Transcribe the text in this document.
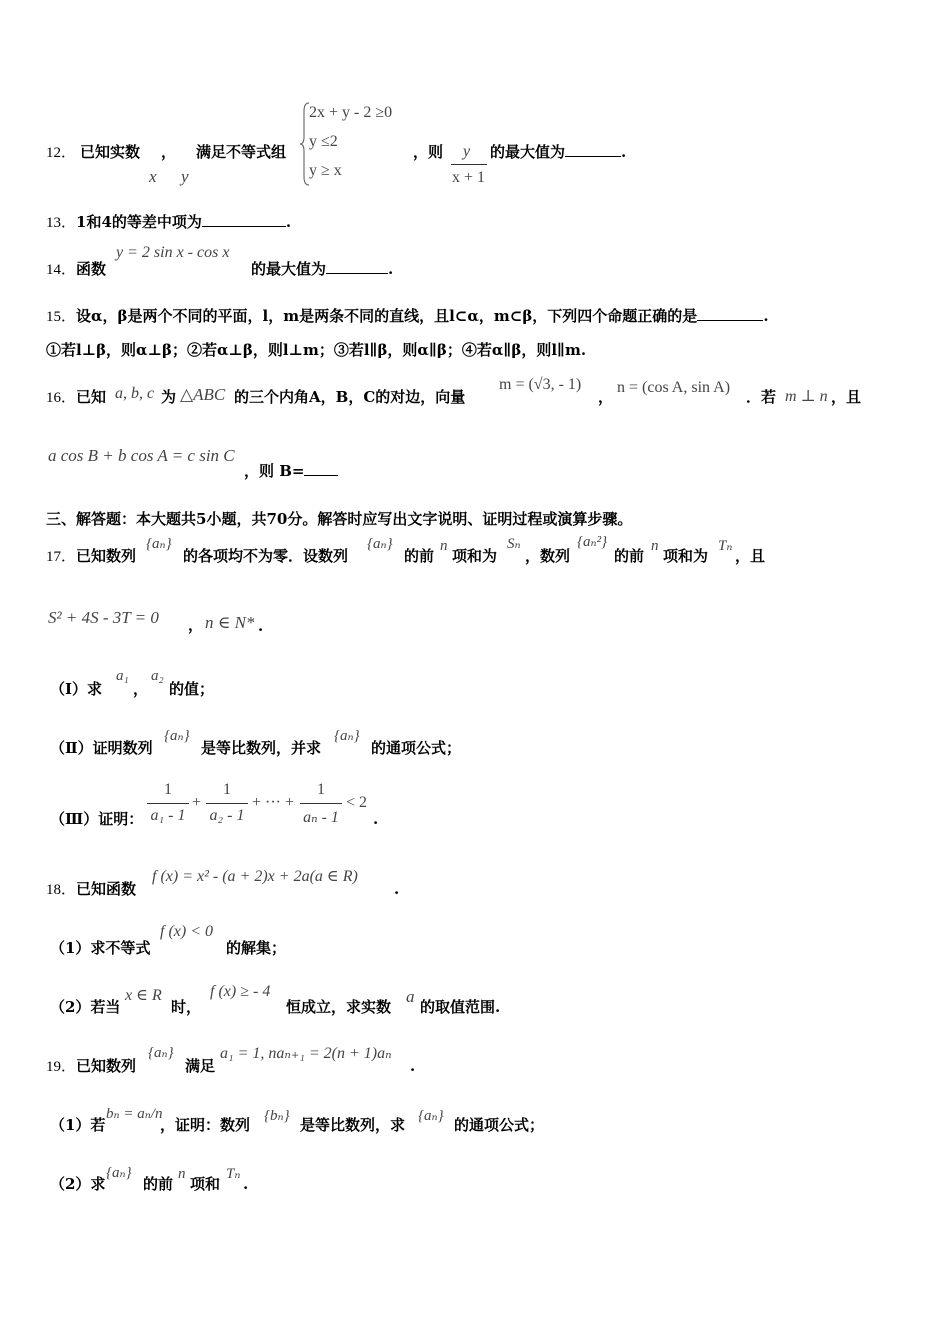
12． 已知实数 ， 满足不等式组
x y
2x + y - 2 ≥0
y ≤2
y ≥ x
，则 y
x + 1
的最大值为	.
13．1和4的等差中项为	.
14．函数
y = 2 sin x - cos x
的最大值为	.
15．设α，β是两个不同的平面，l，m是两条不同的直线，且l⊂α，m⊂β，下列四个命题正确的是	.
①若l⊥β，则α⊥β；②若α⊥β，则l⊥m；③若l∥β，则α∥β；④若α∥β，则l∥m.
16．已知 a, b, c 为 △ABC 的三个内角A，B，C的对边，向量
m = (√3, - 1)
，
n = (cos A, sin A)
．若 m ⊥ n ，且
a cos B + b cos A = c sin C
，则 B=
三、解答题：本大题共5小题，共70分。解答时应写出文字说明、证明过程或演算步骤。
17．已知数列
{aₙ}
的各项均不为零．设数列
{aₙ}
的前
n
项和为
Sₙ
，数列
{aₙ²}
的前
n
项和为
Tₙ
，且
S² + 4S - 3T = 0 ， n ∈ N* .
（Ⅰ）求
a₁
，
a₂
的值；
（Ⅱ）证明数列
{aₙ}
是等比数列，并求
{aₙ}
的通项公式；
（Ⅲ）证明：
1
a₁ - 1
+
1
a₂ - 1
+ ··· +
1
aₙ - 1
< 2
.
18．已知函数
f (x) = x² - (a + 2)x + 2a(a ∈ R)
.
（1）求不等式
f (x) < 0
的解集；
（2）若当
x ∈ R
时，
f (x) ≥ - 4
恒成立，求实数
a
的取值范围.
19．已知数列
{aₙ}
满足
a₁ = 1, naₙ₊₁ = 2(n + 1)aₙ
.
（1）若
bₙ = aₙ/n
，证明：数列 {bₙ} 是等比数列，求 {aₙ} 的通项公式；
（2）求
{aₙ}
的前
n
项和
Tₙ
.
